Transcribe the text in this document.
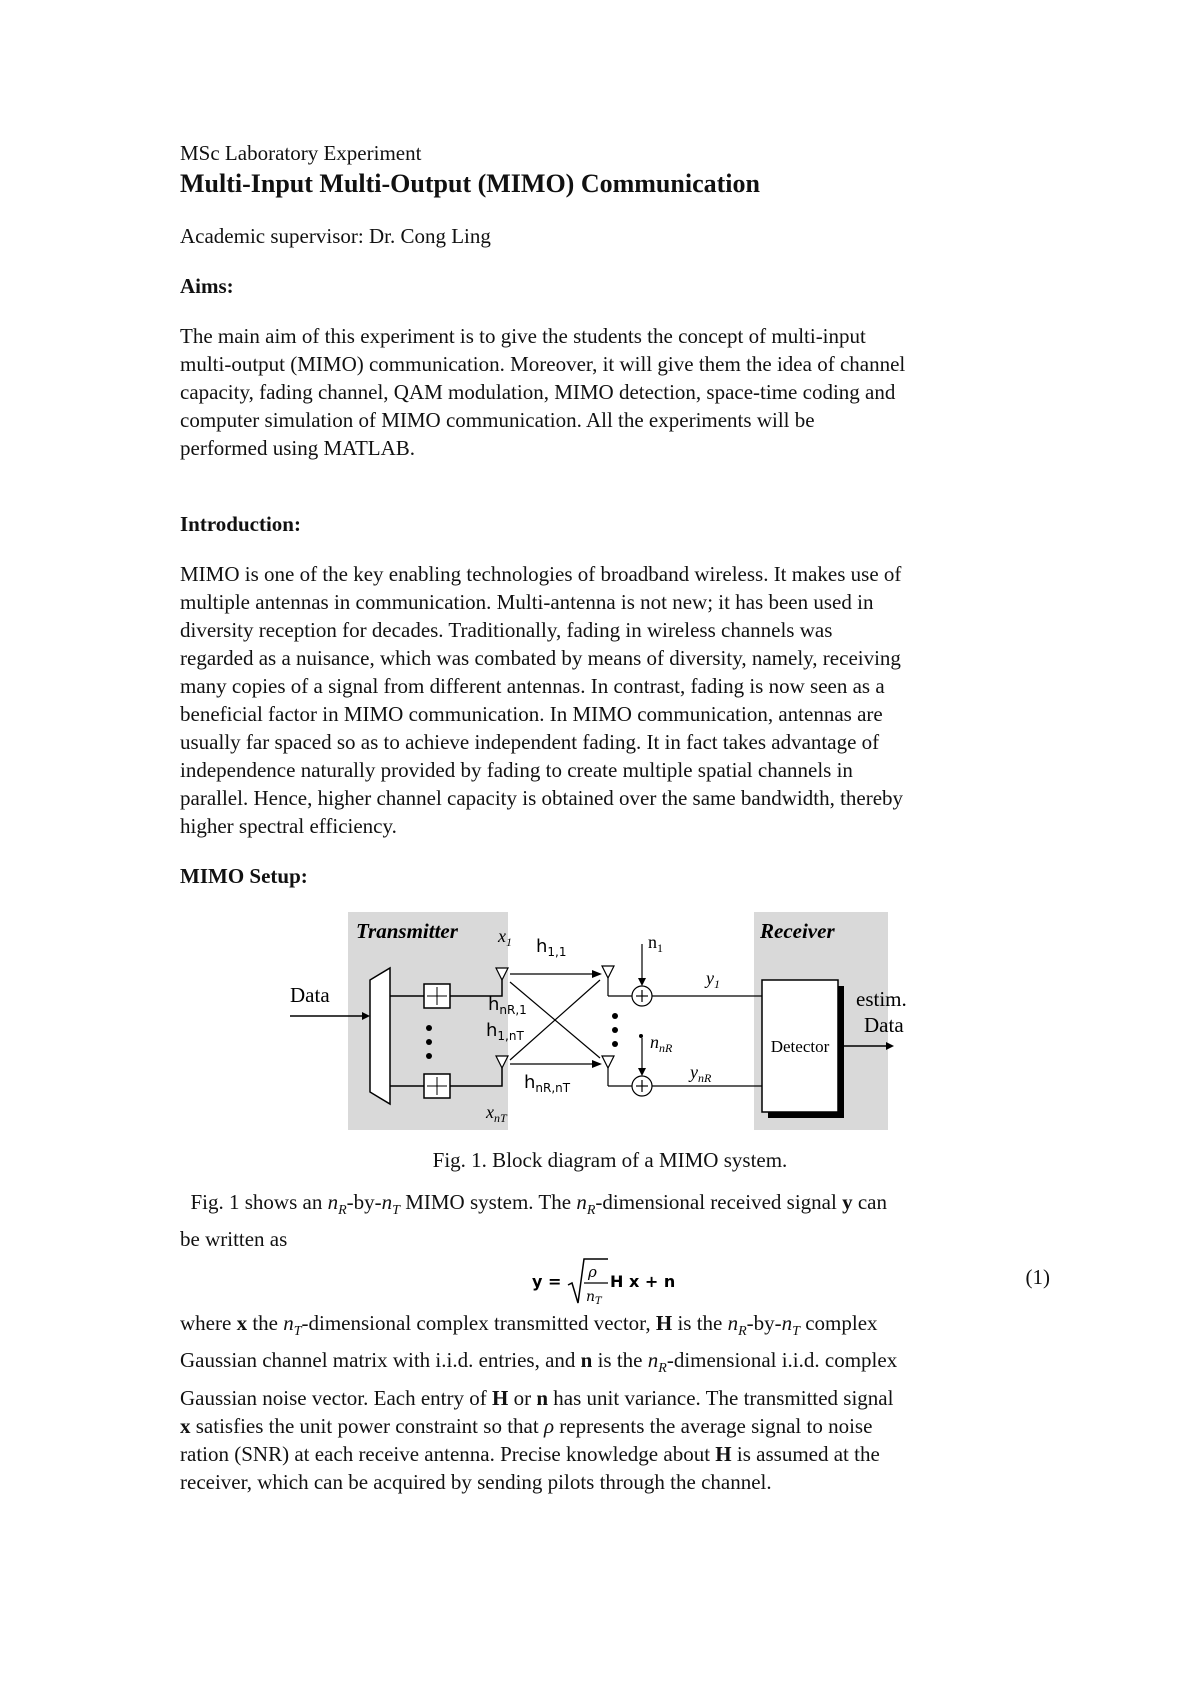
MSc Laboratory Experiment
Multi-Input Multi-Output (MIMO) Communication

Academic supervisor: Dr. Cong Ling

Aims:

The main aim of this experiment is to give the students the concept of multi-input

multi-output (MIMO) communication. Moreover, it will give them the idea of channel

capacity, fading channel, QAM modulation, MIMO detection, space-time coding and

computer simulation of MIMO communication. All the experiments will be

performed using MATLAB.

Introduction:

MIMO is one of the key enabling technologies of broadband wireless. It makes use of

multiple antennas in communication. Multi-antenna is not new; it has been used in

diversity reception for decades. Traditionally, fading in wireless channels was

regarded as a nuisance, which was combated by means of diversity, namely, receiving

many copies of a signal from different antennas. In contrast, fading is now seen as a

beneficial factor in MIMO communication. In MIMO communication, antennas are

usually far spaced so as to achieve independent fading. It in fact takes advantage of

independence naturally provided by fading to create multiple spatial channels in

parallel. Hence, higher channel capacity is obtained over the same bandwidth, thereby

higher spectral efficiency.

MIMO Setup:
Transmitter	Receiver
Data
$x_1$
$x_{nT}$
$h_{1,1}$
$h_{nR,1}$
$h_{1,nT}$
$h_{nR,nT}$
$n_1$
$n_{nR}$
$y_1$
$y_{nR}$
Detector
estim.
Data
Fig. 1. Block diagram of a MIMO system.

Fig. 1 shows an $n_R-by-n_T$ MIMO system. The $n_R$-dimensional received signal y can

be written as

y = ρ
$n_T$
H x + n	(1)

where x the $n_T$-dimensional complex transmitted vector, H is the $n_R-by-n_T$ complex

Gaussian channel matrix with i.i.d. entries, and n is the $n_R$-dimensional i.i.d. complex

Gaussian noise vector. Each entry of H or n has unit variance. The transmitted signal

x satisfies the unit power constraint so that ρ represents the average signal to noise

ration (SNR) at each receive antenna. Precise knowledge about H is assumed at the

receiver, which can be acquired by sending pilots through the channel.
